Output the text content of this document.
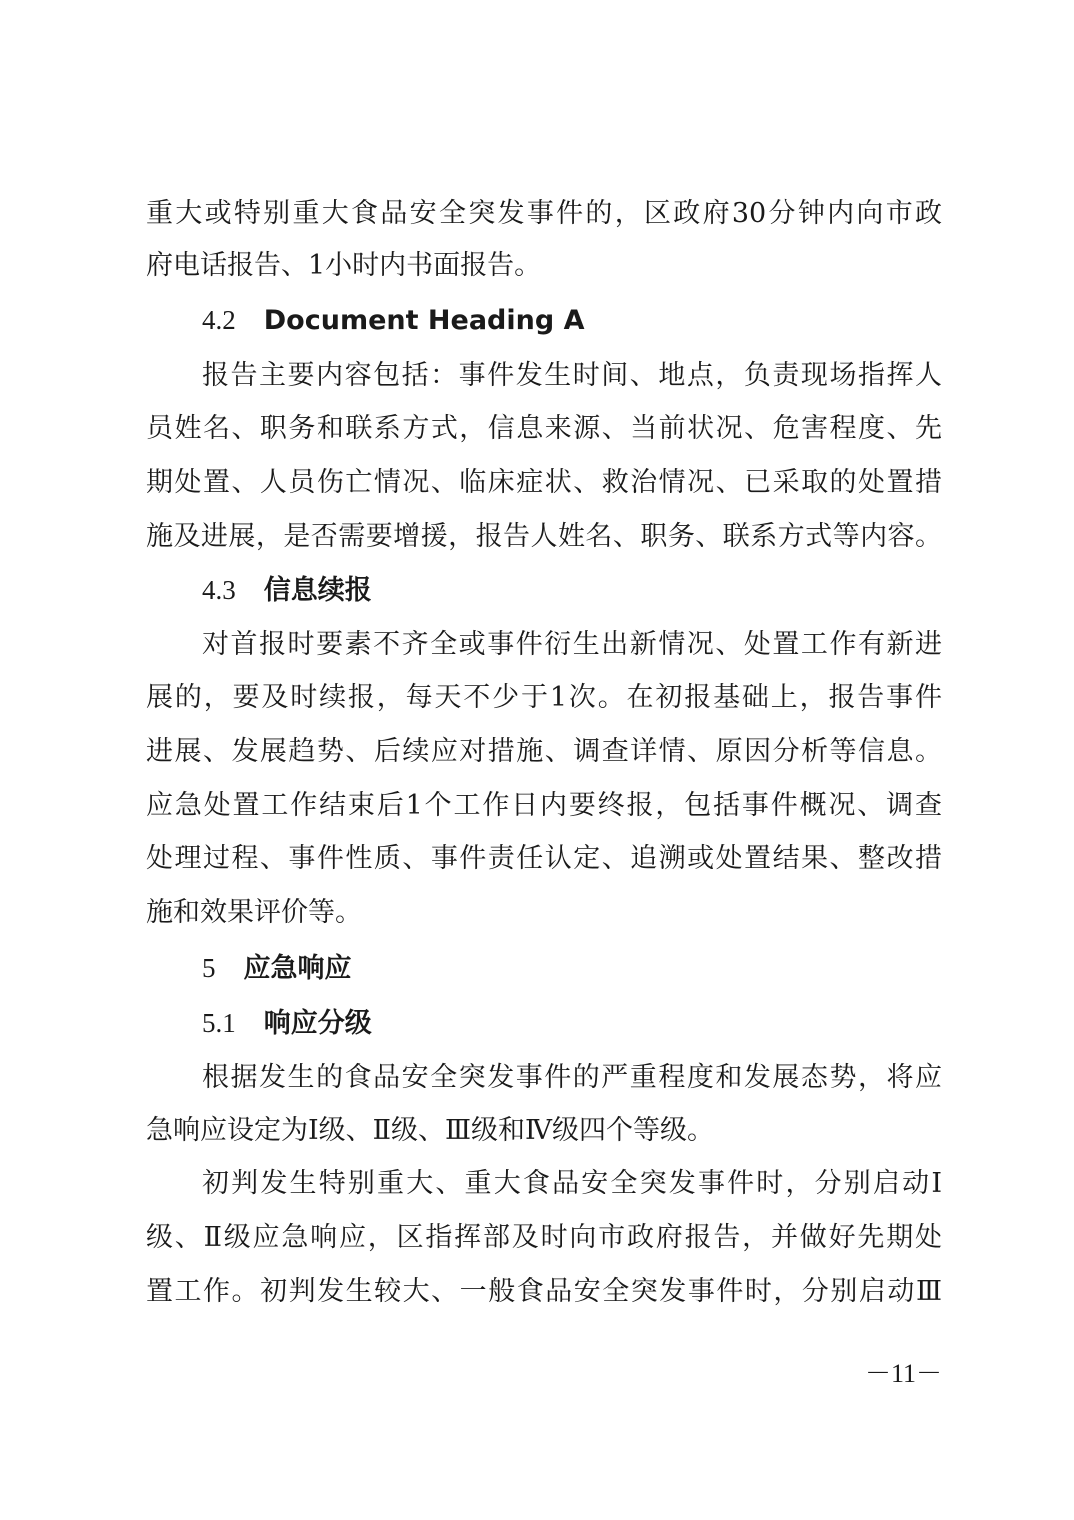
重大或特别重大食品安全突发事件的，区政府30分钟内向市政
府电话报告、1小时内书面报告。
4.2 Document Heading A
报告主要内容包括：事件发生时间、地点，负责现场指挥人
员姓名、职务和联系方式，信息来源、当前状况、危害程度、先
期处置、人员伤亡情况、临床症状、救治情况、已采取的处置措
施及进展，是否需要增援，报告人姓名、职务、联系方式等内容。
4.3 信息续报
对首报时要素不齐全或事件衍生出新情况、处置工作有新进
展的，要及时续报，每天不少于1次。在初报基础上，报告事件
进展、发展趋势、后续应对措施、调查详情、原因分析等信息。
应急处置工作结束后1个工作日内要终报，包括事件概况、调查
处理过程、事件性质、事件责任认定、追溯或处置结果、整改措
施和效果评价等。
5 应急响应
5.1 响应分级
根据发生的食品安全突发事件的严重程度和发展态势，将应
急响应设定为Ⅰ级、Ⅱ级、Ⅲ级和Ⅳ级四个等级。
初判发生特别重大、重大食品安全突发事件时，分别启动Ⅰ
级、Ⅱ级应急响应，区指挥部及时向市政府报告，并做好先期处
置工作。初判发生较大、一般食品安全突发事件时，分别启动Ⅲ
－11－
